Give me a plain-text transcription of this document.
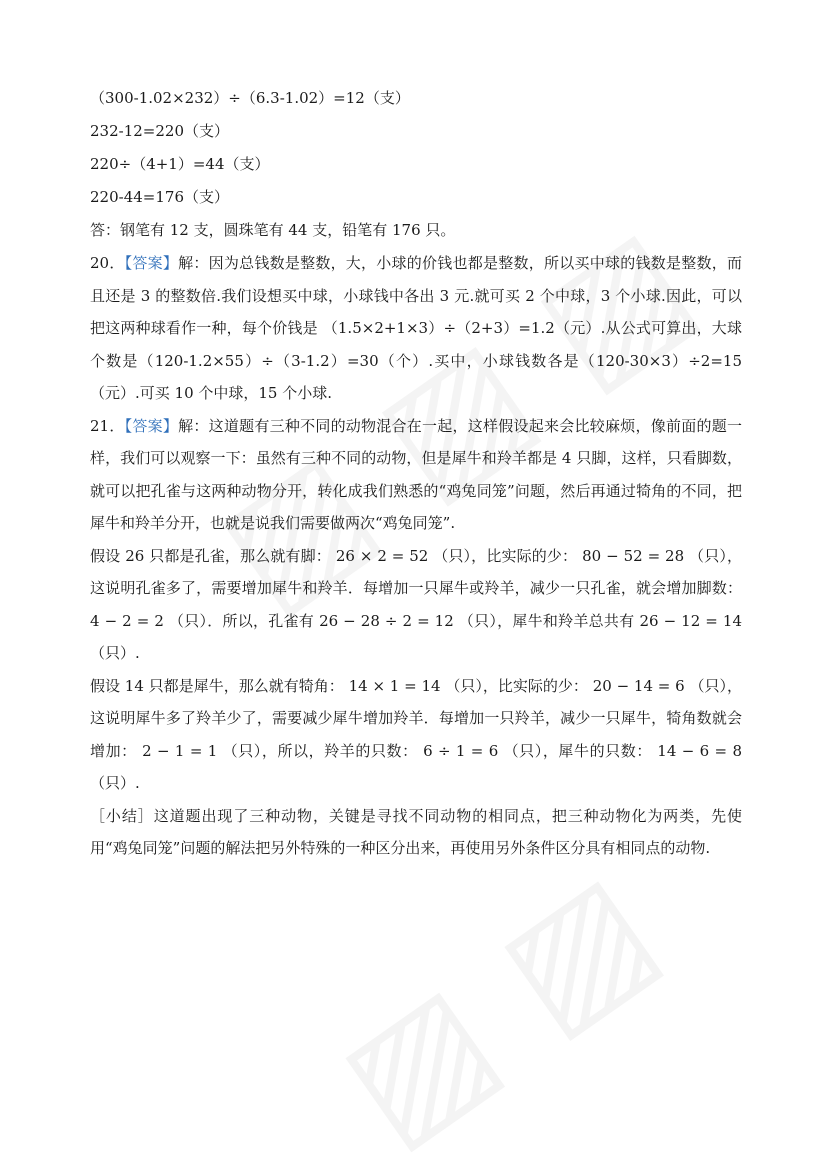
（300-1.02×232）÷（6.3-1.02）=12（支）
232-12=220（支）
220÷（4+1）=44（支）
220-44=176（支）
答：钢笔有 12 支，圆珠笔有 44 支，铅笔有 176 只。
20．【答案】解：因为总钱数是整数，大，小球的价钱也都是整数，所以买中球的钱数是整数，而且还是 3 的整数倍.我们设想买中球，小球钱中各出 3 元.就可买 2 个中球，3 个小球.因此，可以把这两种球看作一种，每个价钱是 （1.5×2+1×3）÷（2+3）=1.2（元）.从公式可算出，大球个数是（120-1.2×55）÷（3-1.2）=30（个）.买中，小球钱数各是（120-30×3）÷2=15（元）.可买 10 个中球，15 个小球.
21．【答案】解：这道题有三种不同的动物混合在一起，这样假设起来会比较麻烦，像前面的题一样，我们可以观察一下：虽然有三种不同的动物，但是犀牛和羚羊都是 4 只脚，这样，只看脚数，就可以把孔雀与这两种动物分开，转化成我们熟悉的“鸡兔同笼”问题，然后再通过犄角的不同，把犀牛和羚羊分开，也就是说我们需要做两次“鸡兔同笼”.
假设 26 只都是孔雀，那么就有脚： 26 × 2 = 52 （只），比实际的少： 80 − 52 = 28 （只），这说明孔雀多了，需要增加犀牛和羚羊．每增加一只犀牛或羚羊，减少一只孔雀，就会增加脚数： 4 − 2 = 2 （只）．所以，孔雀有 26 − 28 ÷ 2 = 12 （只），犀牛和羚羊总共有 26 − 12 = 14 （只）.
假设 14 只都是犀牛，那么就有犄角： 14 × 1 = 14 （只），比实际的少： 20 − 14 = 6 （只），这说明犀牛多了羚羊少了，需要减少犀牛增加羚羊．每增加一只羚羊，减少一只犀牛，犄角数就会增加： 2 − 1 = 1 （只），所以，羚羊的只数： 6 ÷ 1 = 6 （只），犀牛的只数： 14 − 6 = 8 （只）.
［小结］这道题出现了三种动物，关键是寻找不同动物的相同点，把三种动物化为两类，先使用“鸡兔同笼”问题的解法把另外特殊的一种区分出来，再使用另外条件区分具有相同点的动物.
